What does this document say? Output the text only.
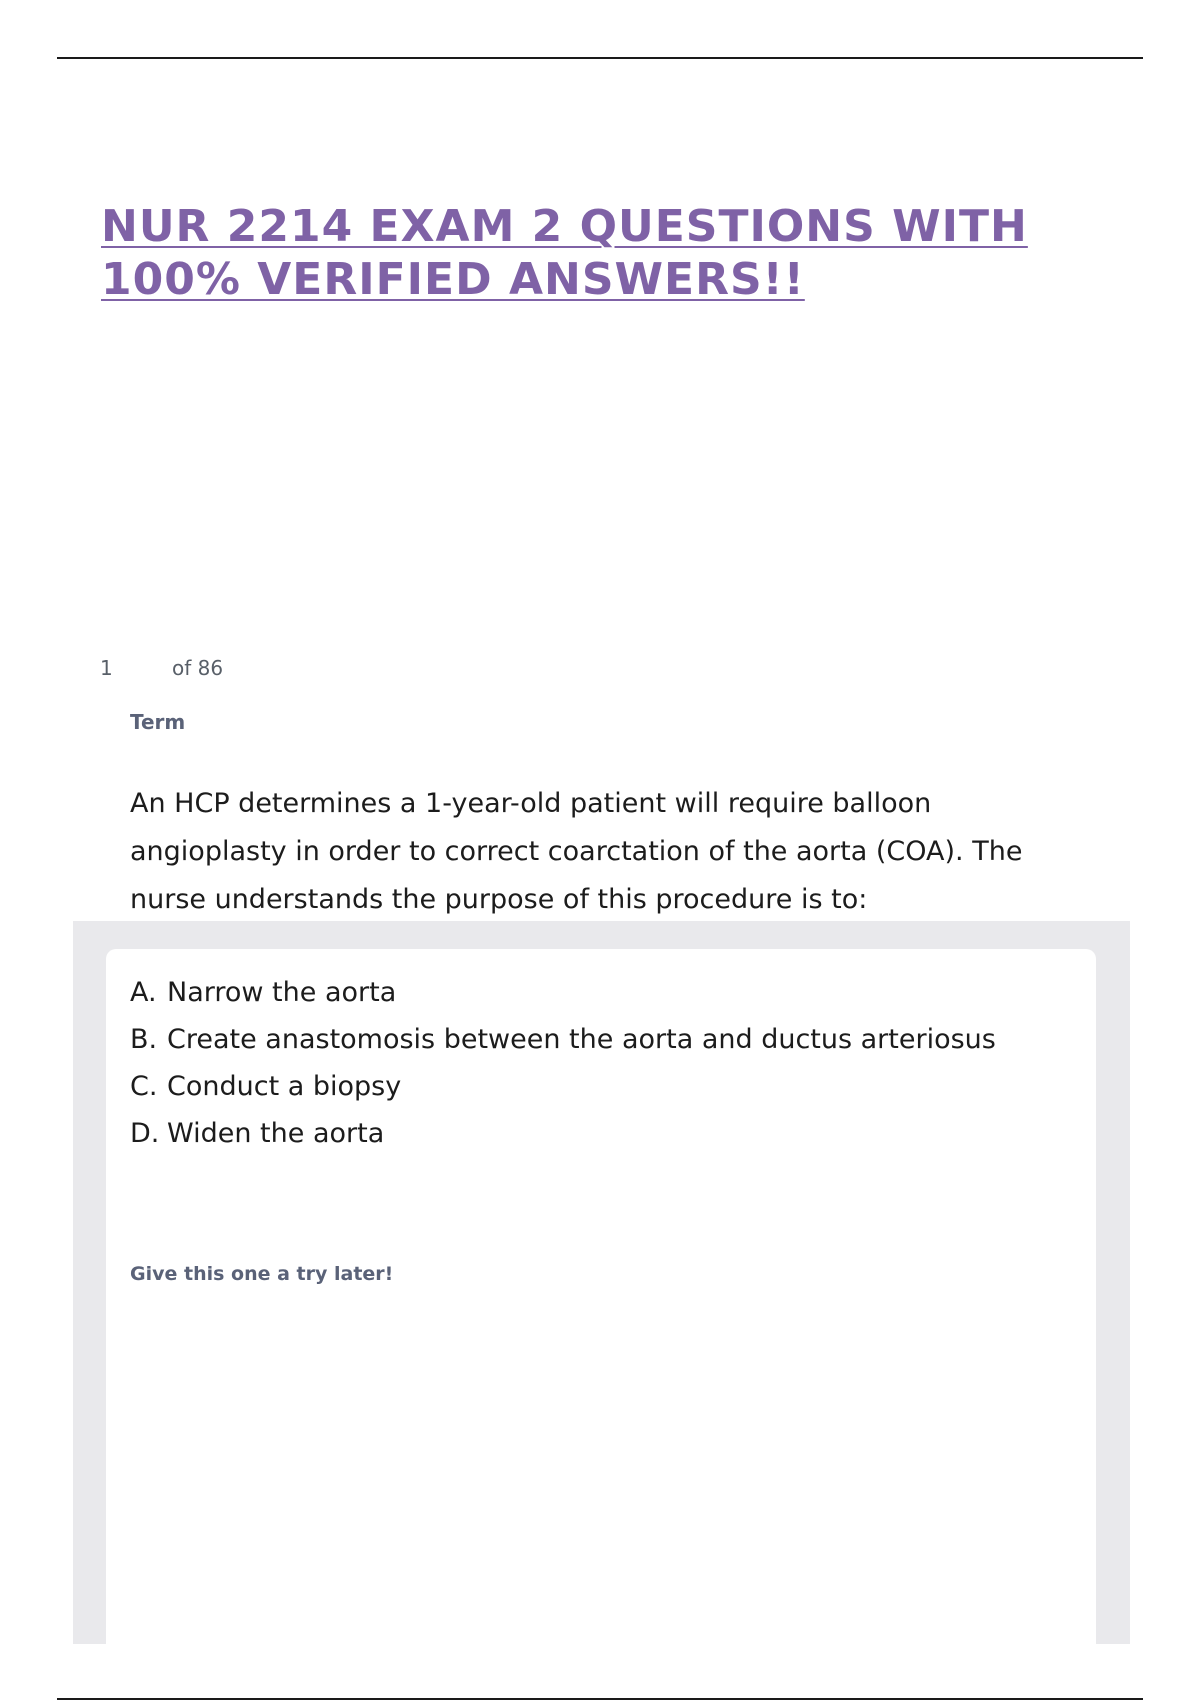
NUR 2214 EXAM 2 QUESTIONS WITH
100% VERIFIED ANSWERS!!
1	of 86
Term

An HCP determines a 1-year-old patient will require balloon angioplasty in order to correct coarctation of the aorta (COA). The nurse understands the purpose of this procedure is to:

A. Narrow the aorta
B. Create anastomosis between the aorta and ductus arteriosus
C. Conduct a biopsy
D. Widen the aorta
Give this one a try later!
